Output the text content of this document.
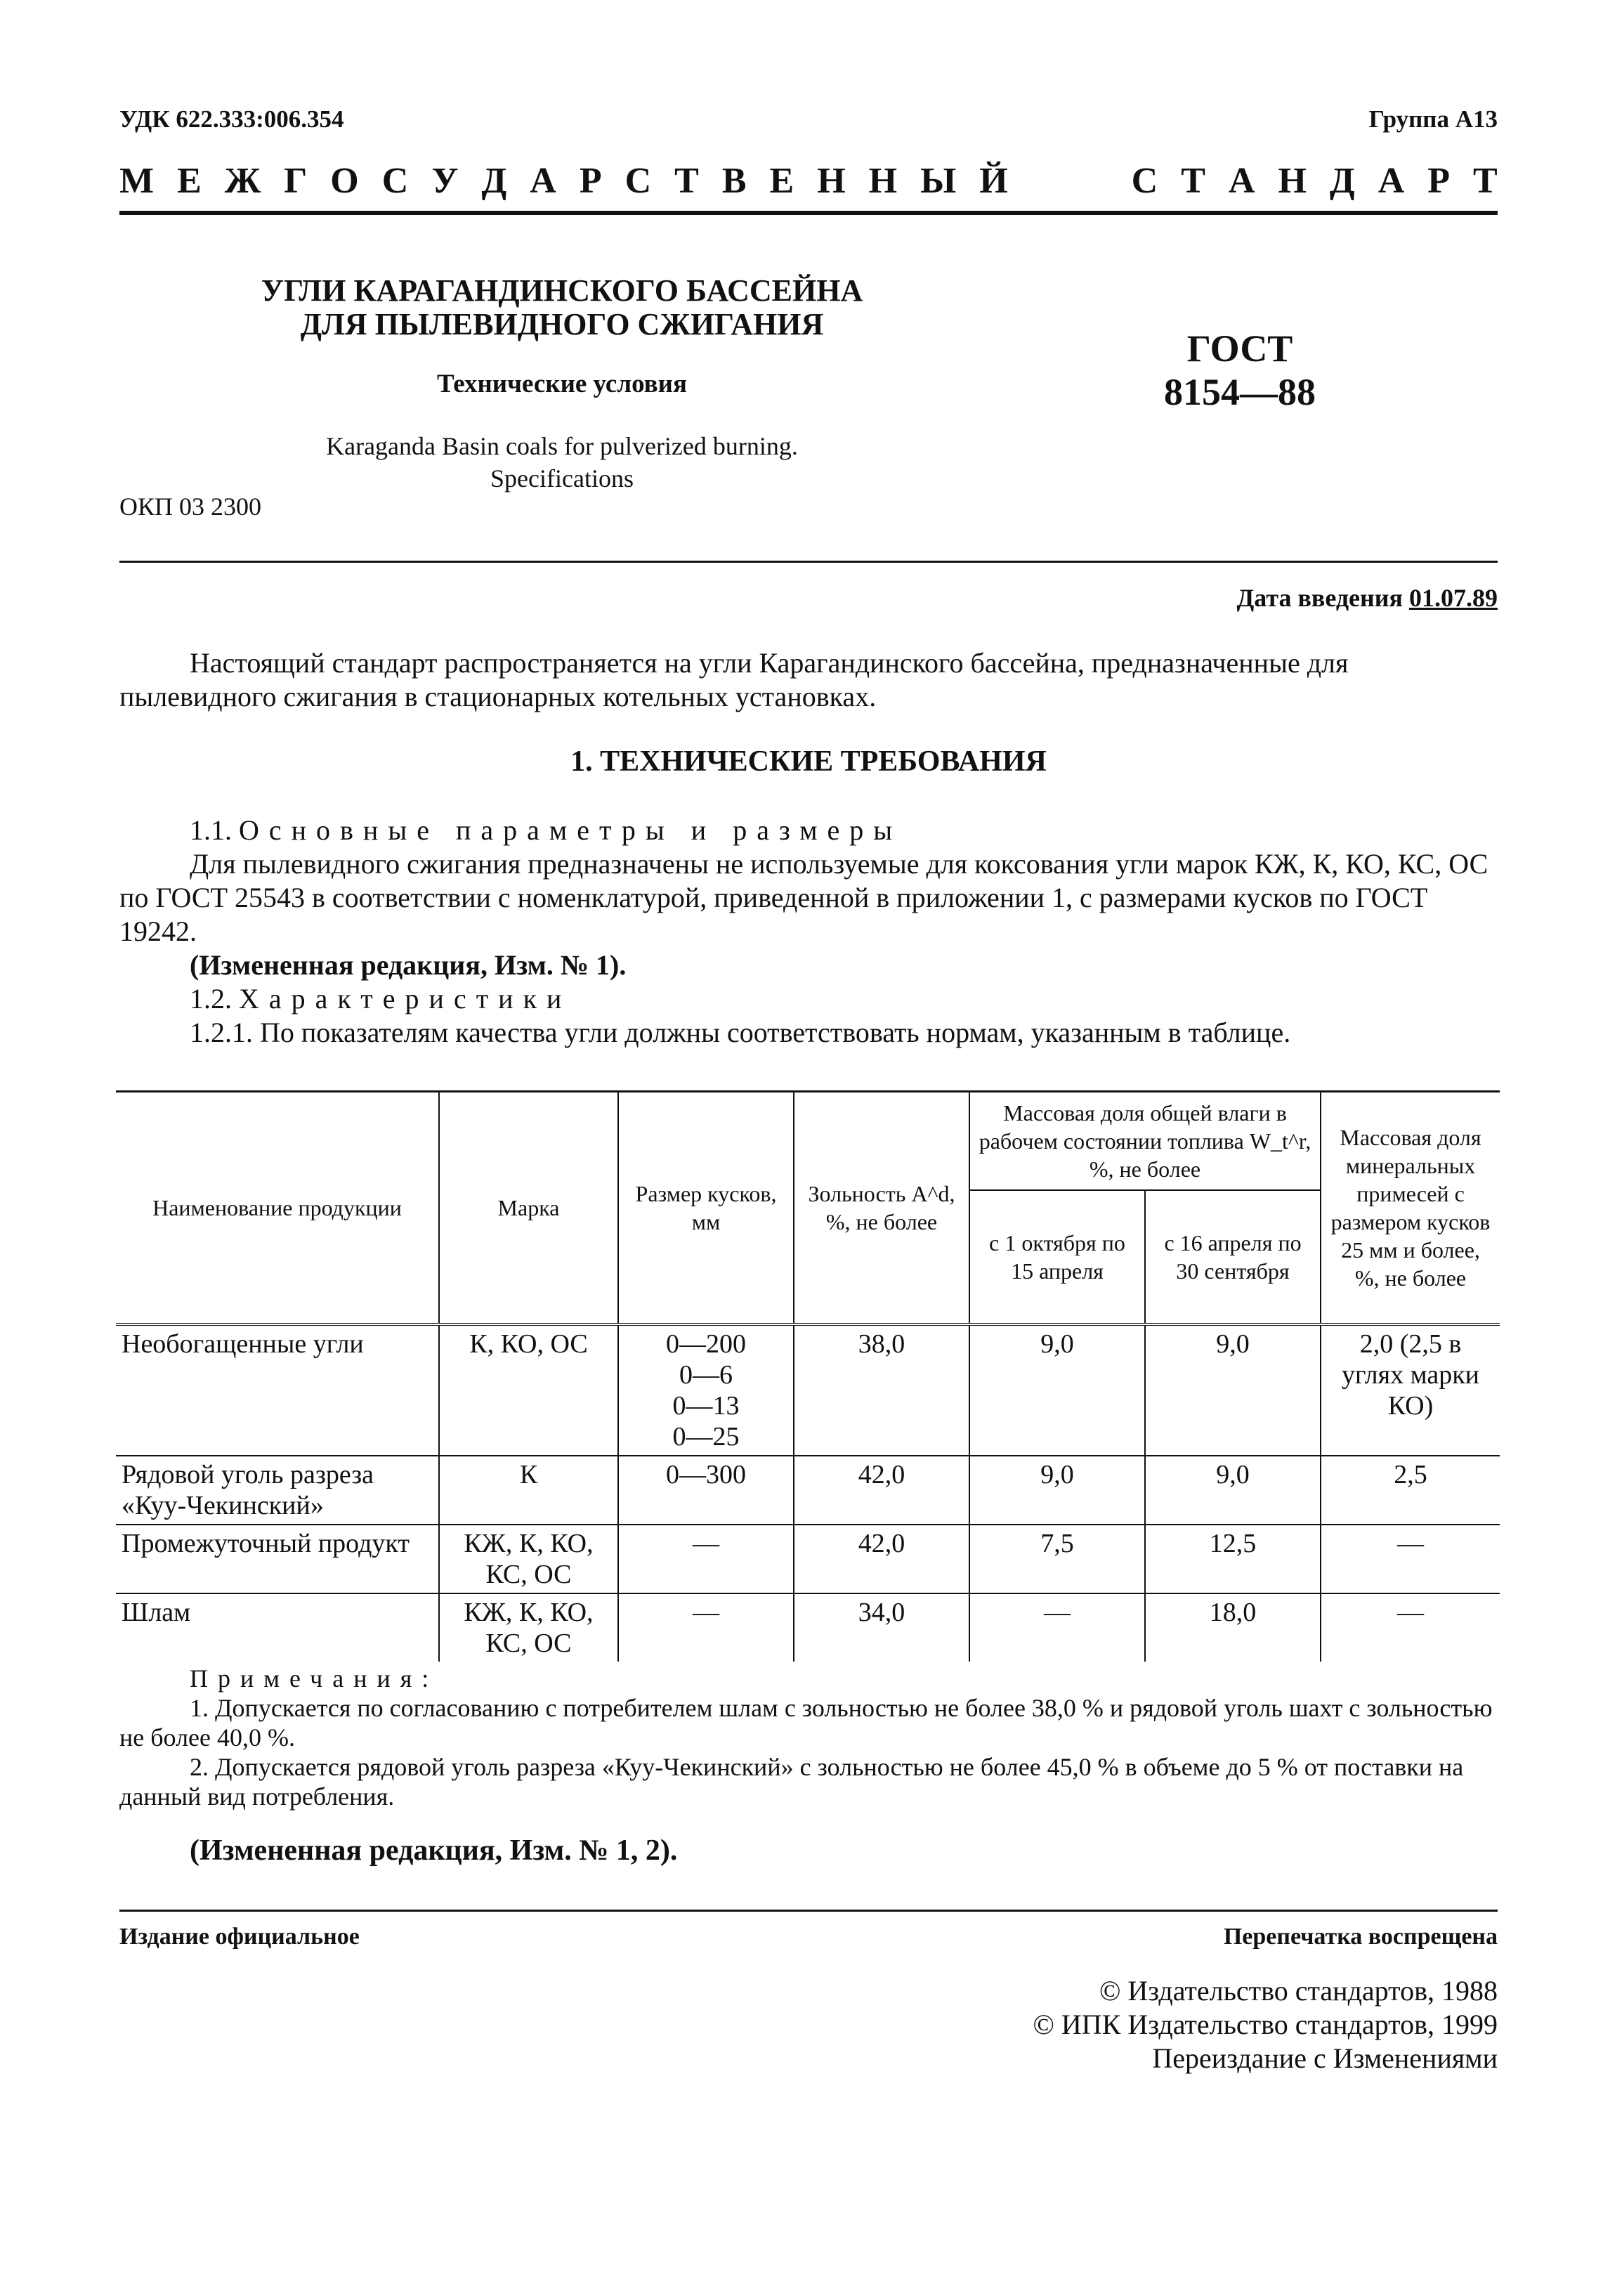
УДК 622.333:006.354	Группа А13
М Е Ж Г О С У Д А Р С Т В Е Н Н Ы Й	С Т А Н Д А Р Т
УГЛИ КАРАГАНДИНСКОГО БАССЕЙНА
ДЛЯ ПЫЛЕВИДНОГО СЖИГАНИЯ
Технические условия
Karaganda Basin coals for pulverized burning.
Specifications
ГОСТ
8154—88
ОКП 03 2300
Дата введения 01.07.89
Настоящий стандарт распространяется на угли Карагандинского бассейна, предназначенные для пылевидного сжигания в стационарных котельных установках.
1. ТЕХНИЧЕСКИЕ ТРЕБОВАНИЯ
1.1. Основные параметры и размеры
Для пылевидного сжигания предназначены не используемые для коксования угли марок КЖ, К, КО, КС, ОС по ГОСТ 25543 в соответствии с номенклатурой, приведенной в приложении 1, с размерами кусков по ГОСТ 19242.
(Измененная редакция, Изм. № 1).
1.2. Характеристики
1.2.1. По показателям качества угли должны соответствовать нормам, указанным в таблице.
Наименование продукции	Марка	Размер кусков, мм	Зольность A^d, %, не более	Массовая доля общей влаги в рабочем состоянии топлива W_t^r, %, не более		Массовая доля минеральных примесей с размером кусков 25 мм и более, %, не более
				с 1 октября по 15 апреля	с 16 апреля по 30 сентября	
Необогащенные угли	К, КО, ОС	0—200
0—6
0—13
0—25	38,0	9,0	9,0	2,0 (2,5 в углях марки КО)
Рядовой уголь разреза «Куу-Чекинский»	К	0—300	42,0	9,0	9,0	2,5
Промежуточный продукт	КЖ, К, КО, КС, ОС	—	42,0	7,5	12,5	—
Шлам	КЖ, К, КО, КС, ОС	—	34,0	—	18,0	—
Примечания:
1. Допускается по согласованию с потребителем шлам с зольностью не более 38,0 % и рядовой уголь шахт с зольностью не более 40,0 %.
2. Допускается рядовой уголь разреза «Куу-Чекинский» с зольностью не более 45,0 % в объеме до 5 % от поставки на данный вид потребления.
(Измененная редакция, Изм. № 1, 2).
Издание официальное	Перепечатка воспрещена
© Издательство стандартов, 1988
© ИПК Издательство стандартов, 1999
Переиздание с Изменениями
